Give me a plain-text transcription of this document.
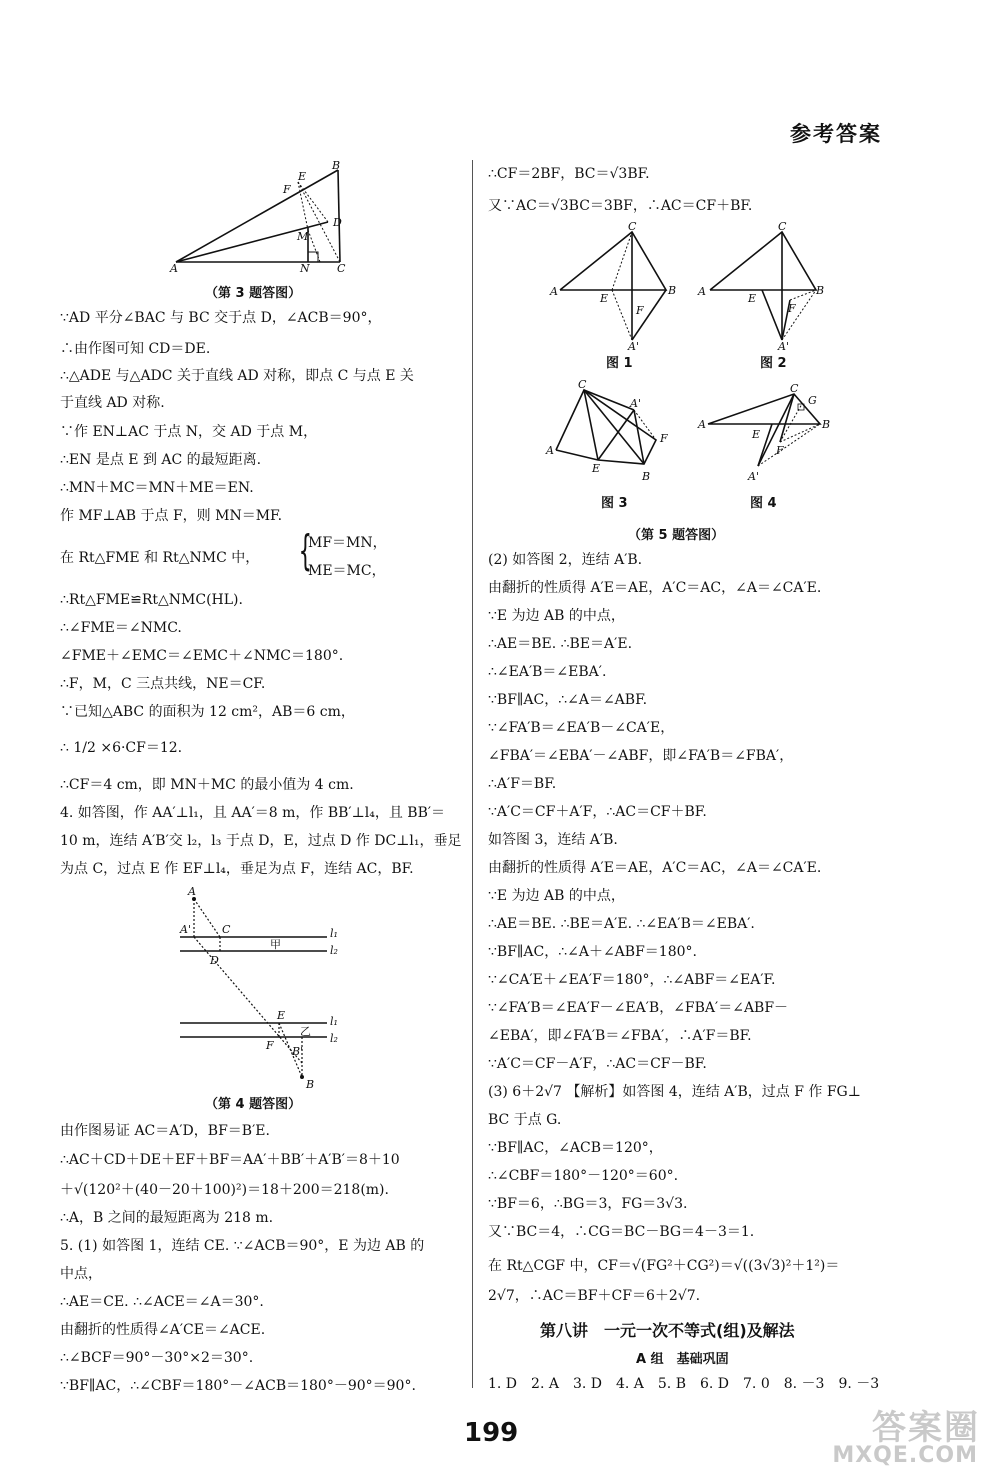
参考答案
B
E
F
D
M
A	N C
（第 3 题答图）
∵AD 平分∠BAC 与 BC 交于点 D，∠ACB＝90°，
∴由作图可知 CD＝DE.
∴△ADE 与△ADC 关于直线 AD 对称，即点 C 与点 E 关
于直线 AD 对称.
∵作 EN⊥AC 于点 N，交 AD 于点 M，
∴EN 是点 E 到 AC 的最短距离.
∴MN＋MC＝MN＋ME＝EN.
作 MF⊥AB 于点 F，则 MN＝MF.
在 Rt△FME 和 Rt△NMC 中， {
MF＝MN，
ME＝MC，
∴Rt△FME≌Rt△NMC(HL).
∴∠FME＝∠NMC.
∠FME＋∠EMC＝∠EMC＋∠NMC＝180°.
∴F，M，C 三点共线，NE＝CF.
∵已知△ABC 的面积为 12 cm²，AB＝6 cm，
∴ 1/2 ×6·CF＝12.
∴CF＝4 cm，即 MN＋MC 的最小值为 4 cm.
4. 如答图，作 AA′⊥l₁，且 AA′＝8 m，作 BB′⊥l₄，且 BB′＝
10 m，连结 A′B′交 l₂，l₃ 于点 D，E，过点 D 作 DC⊥l₁，垂足
为点 C，过点 E 作 EF⊥l₄，垂足为点 F，连结 AC，BF.
A
A'	C
甲
l₁
l₂
D
E
乙
l₁
l₂
F B'
B
（第 4 题答图）
由作图易证 AC＝A′D，BF＝B′E.
∴AC＋CD＋DE＋EF＋BF＝AA′＋BB′＋A′B′＝8＋10
＋√(120²＋(40－20＋100)²)＝18＋200＝218(m).
∴A，B 之间的最短距离为 218 m.
5. (1) 如答图 1，连结 CE. ∵∠ACB＝90°，E 为边 AB 的
中点，
∴AE＝CE. ∴∠ACE＝∠A＝30°.
由翻折的性质得∠A′CE＝∠ACE.
∴∠BCF＝90°－30°×2＝30°.
∵BF∥AC，∴∠CBF＝180°－∠ACB＝180°－90°＝90°.
∴CF＝2BF，BC＝√3BF.
又∵AC＝√3BC＝3BF，∴AC＝CF＋BF.
C
A	B
E
F
A'
图 1
C
A	B
E
F
A'
图 2
C
A
A'
F
E
B
图 3
C
G
A	B
E
F
A'
图 4
（第 5 题答图）
(2) 如答图 2，连结 A′B.
由翻折的性质得 A′E＝AE，A′C＝AC，∠A＝∠CA′E.
∵E 为边 AB 的中点，
∴AE＝BE. ∴BE＝A′E.
∴∠EA′B＝∠EBA′.
∵BF∥AC，∴∠A＝∠ABF.
∵∠FA′B＝∠EA′B－∠CA′E，
∠FBA′＝∠EBA′－∠ABF，即∠FA′B＝∠FBA′，
∴A′F＝BF.
∵A′C＝CF＋A′F，∴AC＝CF＋BF.
如答图 3，连结 A′B.
由翻折的性质得 A′E＝AE，A′C＝AC，∠A＝∠CA′E.
∵E 为边 AB 的中点，
∴AE＝BE. ∴BE＝A′E. ∴∠EA′B＝∠EBA′.
∵BF∥AC，∴∠A＋∠ABF＝180°.
∵∠CA′E＋∠EA′F＝180°，∴∠ABF＝∠EA′F.
∵∠FA′B＝∠EA′F－∠EA′B，∠FBA′＝∠ABF－
∠EBA′，即∠FA′B＝∠FBA′，∴A′F＝BF.
∵A′C＝CF－A′F，∴AC＝CF－BF.
(3) 6＋2√7 【解析】如答图 4，连结 A′B，过点 F 作 FG⊥
BC 于点 G.
∵BF∥AC，∠ACB＝120°，
∴∠CBF＝180°－120°＝60°.
∵BF＝6，∴BG＝3，FG＝3√3.
又∵BC＝4，∴CG＝BC－BG＝4－3＝1.
在 Rt△CGF 中，CF＝√(FG²＋CG²)＝√((3√3)²＋1²)＝
2√7，∴AC＝BF＋CF＝6＋2√7.
第八讲　一元一次不等式(组)及解法
A 组　基础巩固
1. D　2. A　3. D　4. A　5. B　6. D　7. 0　8. －3　9. －3
199	答案圈
MXQE.COM
